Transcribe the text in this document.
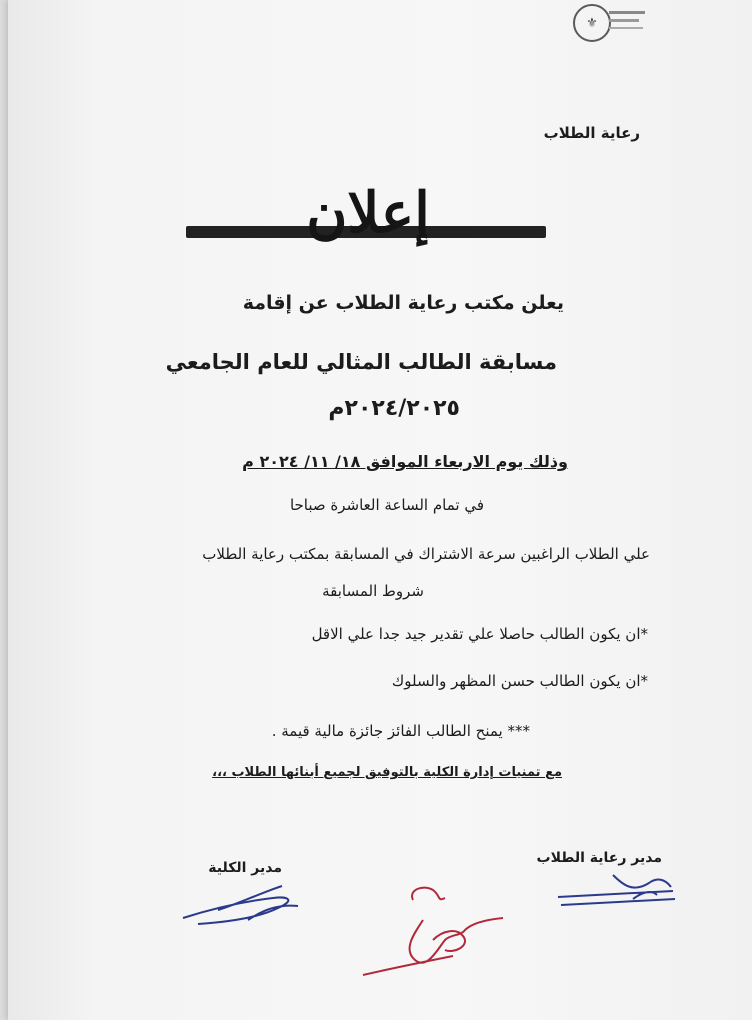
⚜
رعاية الطلاب
إعلان
يعلن مكتب رعاية الطلاب عن إقامة
مسابقة الطالب المثالي للعام الجامعي
٢٠٢٤/٢٠٢٥م
وذلك يوم الاربعاء الموافق ١٨/ ١١/ ٢٠٢٤ م
في تمام الساعة العاشرة صباحا
علي الطلاب الراغبين سرعة الاشتراك في المسابقة بمكتب رعاية الطلاب
شروط المسابقة
*ان يكون الطالب حاصلا علي تقدير جيد جدا علي الاقل
*ان يكون الطالب حسن المظهر والسلوك
*** يمنح الطالب الفائز جائزة مالية قيمة .
مع تمنيات إدارة الكلية بالتوفيق لجميع أبنائها الطلاب ،،،
مدير الكلية
مدير رعاية الطلاب
